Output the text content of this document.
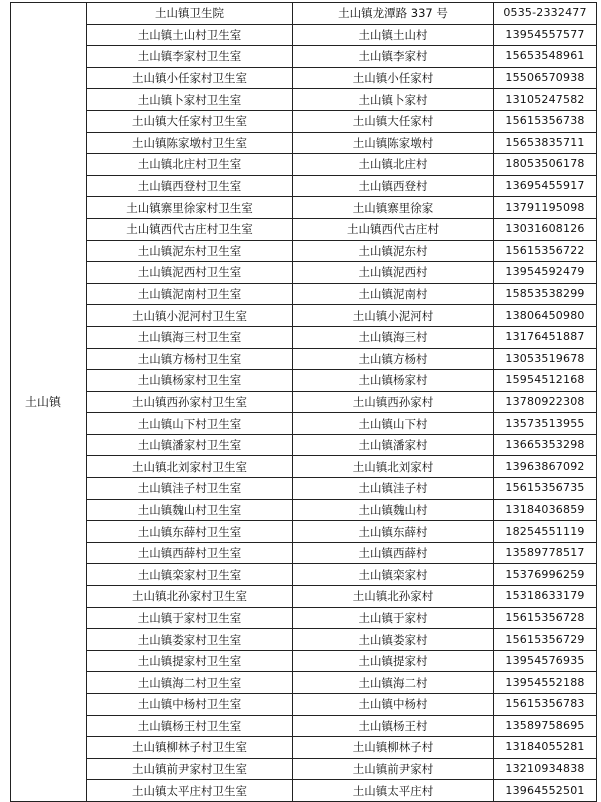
土山镇	土山镇卫生院	土山镇龙潭路 337 号	0535-2332477
	土山镇土山村卫生室	土山镇土山村	13954557577
	土山镇李家村卫生室	土山镇李家村	15653548961
	土山镇小任家村卫生室	土山镇小任家村	15506570938
	土山镇卜家村卫生室	土山镇卜家村	13105247582
	土山镇大任家村卫生室	土山镇大任家村	15615356738
	土山镇陈家墩村卫生室	土山镇陈家墩村	15653835711
	土山镇北庄村卫生室	土山镇北庄村	18053506178
	土山镇西登村卫生室	土山镇西登村	13695455917
	土山镇寨里徐家村卫生室	土山镇寨里徐家	13791195098
	土山镇西代古庄村卫生室	土山镇西代古庄村	13031608126
	土山镇泥东村卫生室	土山镇泥东村	15615356722
	土山镇泥西村卫生室	土山镇泥西村	13954592479
	土山镇泥南村卫生室	土山镇泥南村	15853538299
	土山镇小泥河村卫生室	土山镇小泥河村	13806450980
	土山镇海三村卫生室	土山镇海三村	13176451887
	土山镇方杨村卫生室	土山镇方杨村	13053519678
	土山镇杨家村卫生室	土山镇杨家村	15954512168
	土山镇西孙家村卫生室	土山镇西孙家村	13780922308
	土山镇山下村卫生室	土山镇山下村	13573513955
	土山镇潘家村卫生室	土山镇潘家村	13665353298
	土山镇北刘家村卫生室	土山镇北刘家村	13963867092
	土山镇洼子村卫生室	土山镇洼子村	15615356735
	土山镇魏山村卫生室	土山镇魏山村	13184036859
	土山镇东薛村卫生室	土山镇东薛村	18254551119
	土山镇西薛村卫生室	土山镇西薛村	13589778517
	土山镇栾家村卫生室	土山镇栾家村	15376996259
	土山镇北孙家村卫生室	土山镇北孙家村	15318633179
	土山镇于家村卫生室	土山镇于家村	15615356728
	土山镇娄家村卫生室	土山镇娄家村	15615356729
	土山镇提家村卫生室	土山镇提家村	13954576935
	土山镇海二村卫生室	土山镇海二村	13954552188
	土山镇中杨村卫生室	土山镇中杨村	15615356783
	土山镇杨王村卫生室	土山镇杨王村	13589758695
	土山镇柳林子村卫生室	土山镇柳林子村	13184055281
	土山镇前尹家村卫生室	土山镇前尹家村	13210934838
	土山镇太平庄村卫生室	土山镇太平庄村	13964552501
